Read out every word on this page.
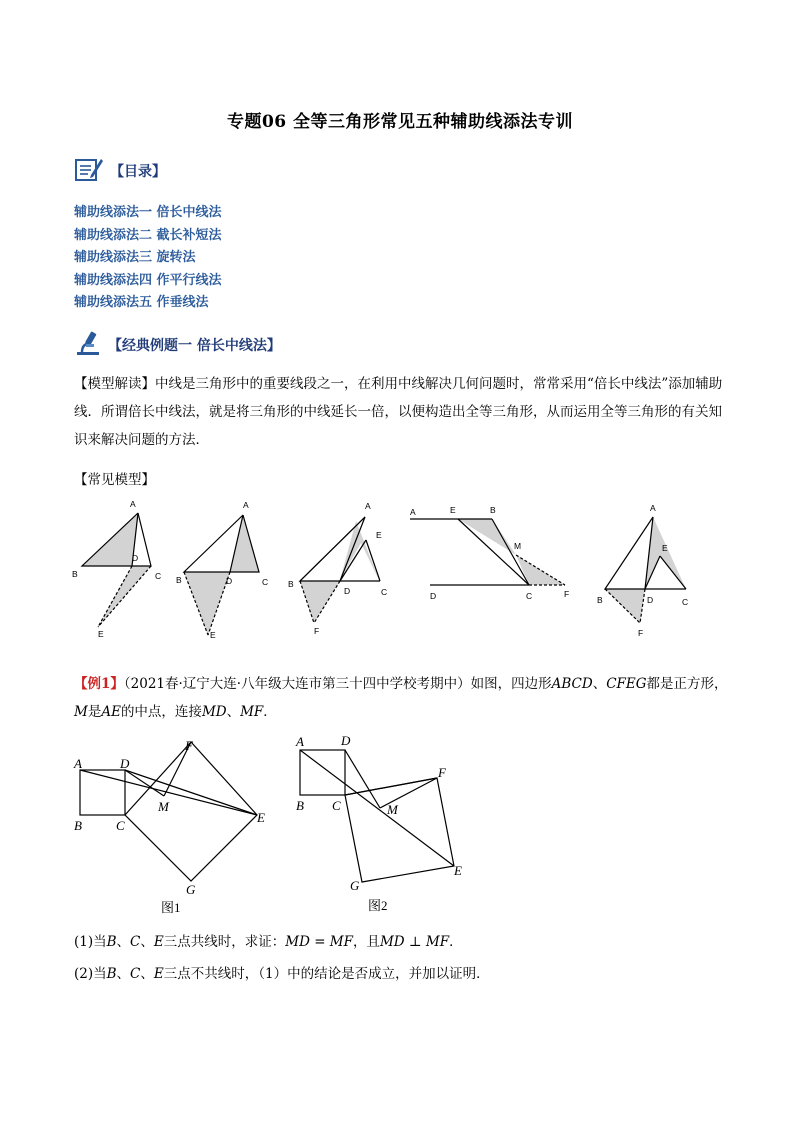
专题06 全等三角形常见五种辅助线添法专训
【目录】
辅助线添法一 倍长中线法
辅助线添法二 截长补短法
辅助线添法三 旋转法
辅助线添法四 作平行线法
辅助线添法五 作垂线法
【经典例题一 倍长中线法】
【模型解读】中线是三角形中的重要线段之一，在利用中线解决几何问题时，常常采用“倍长中线法”添加辅助线．所谓倍长中线法，就是将三角形的中线延长一倍，以便构造出全等三角形，从而运用全等三角形的有关知识来解决问题的方法．
【常见模型】
A
B
D
C
E
A
B	D	C
E
A
E
B
D	C
F
A	E	B
M
D	C	F
A
E
B	D	C
F
【例1】（2021春·辽宁大连·八年级大连市第三十四中学校考期中）如图，四边形ABCD、CFEG都是正方形，M是AE的中点，连接MD、MF．
A	D
F
M
B	C
E
G
图1
A	D
B C
F
M
E
G
图2
(1)当B、C、E三点共线时，求证：MD = MF，且MD ⊥ MF．
(2)当B、C、E三点不共线时，（1）中的结论是否成立，并加以证明．
